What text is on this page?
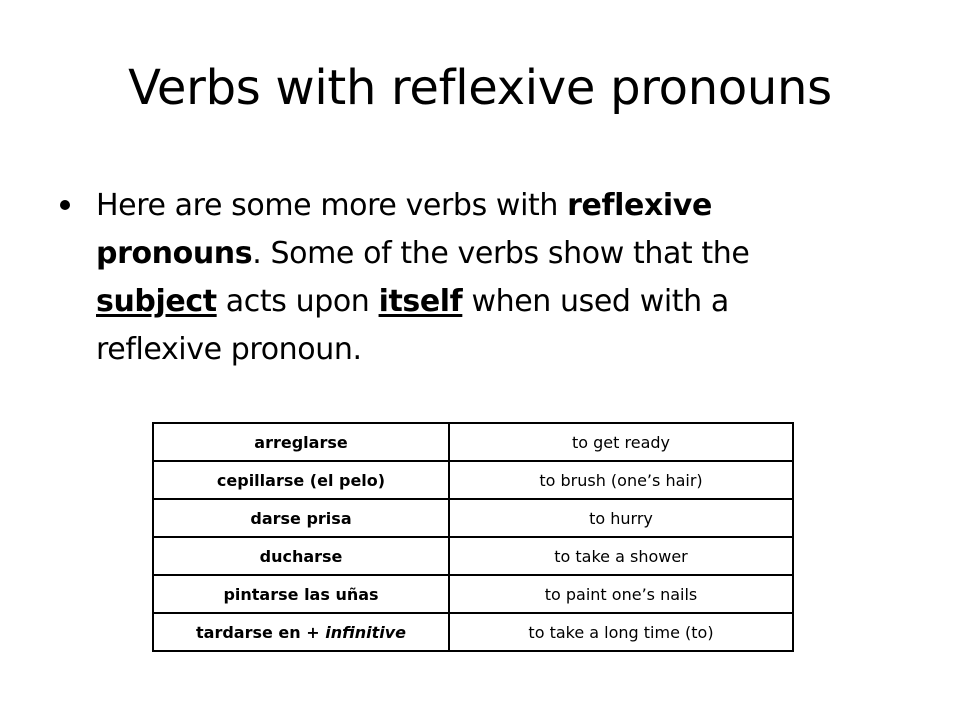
Verbs with reflexive pronouns
Here are some more verbs with reflexive pronouns. Some of the verbs show that the subject acts upon itself when used with a reflexive pronoun.
arreglarse	to get ready
cepillarse (el pelo)	to brush (one’s hair)
darse prisa	to hurry
ducharse	to take a shower
pintarse las uñas	to paint one’s nails
tardarse en + infinitive	to take a long time (to)
